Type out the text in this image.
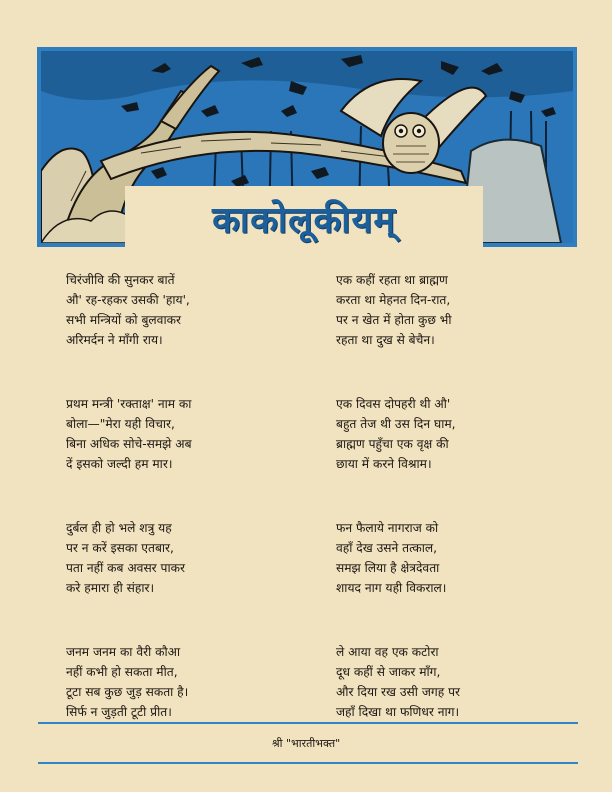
काकोलूकीयम्
चिरंजीवि की सुनकर बातें
औ' रह-रहकर उसकी 'हाय',
सभी मन्त्रियों को बुलवाकर
अरिमर्दन ने माँगी राय।
प्रथम मन्त्री 'रक्ताक्ष' नाम का
बोला—"मेरा यही विचार,
बिना अधिक सोचे-समझे अब
दें इसको जल्दी हम मार।
दुर्बल ही हो भले शत्रु यह
पर न करें इसका एतबार,
पता नहीं कब अवसर पाकर
करे हमारा ही संहार।
जनम जनम का वैरी कौआ
नहीं कभी हो सकता मीत,
टूटा सब कुछ जुड़ सकता है।
सिर्फ न जुड़ती टूटी प्रीत।
एक कहीं रहता था ब्राह्मण
करता था मेहनत दिन-रात,
पर न खेत में होता कुछ भी
रहता था दुख से बेचैन।
एक दिवस दोपहरी थी औ'
बहुत तेज थी उस दिन घाम,
ब्राह्मण पहुँचा एक वृक्ष की
छाया में करने विश्राम।
फन फैलाये नागराज को
वहाँ देख उसने तत्काल,
समझ लिया है क्षेत्रदेवता
शायद नाग यही विकराल।
ले आया वह एक कटोरा
दूध कहीं से जाकर माँग,
और दिया रख उसी जगह पर
जहाँ दिखा था फणिधर नाग।
श्री "भारतीभक्त"
